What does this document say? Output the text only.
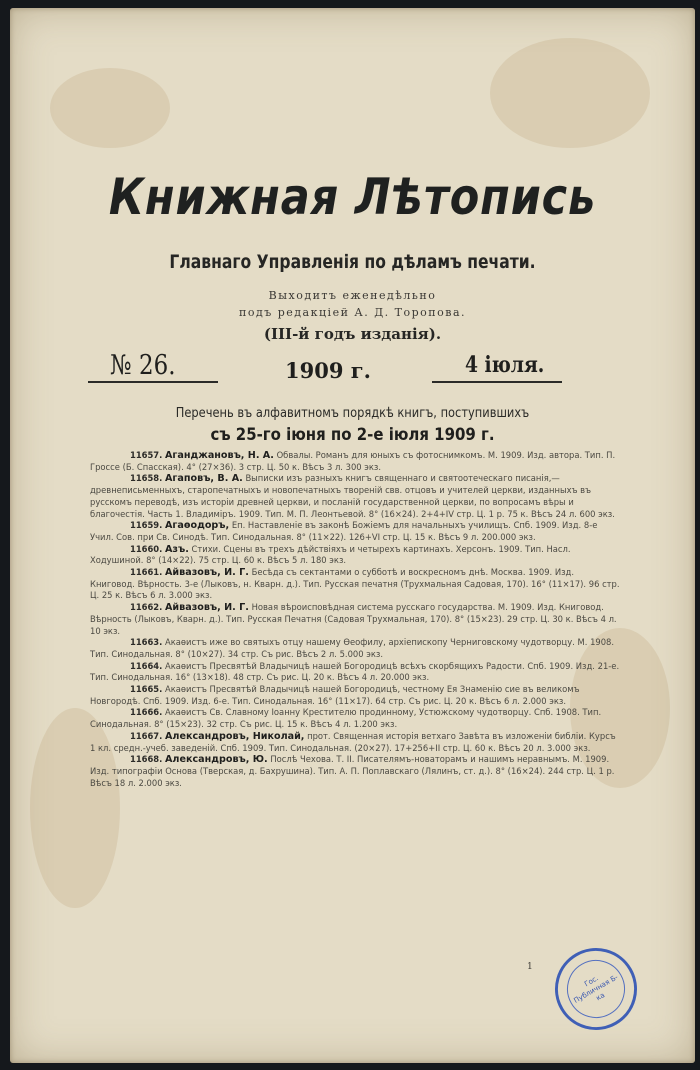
Книжная Лѣтопись
Главнаго Управленія по дѣламъ печати.
Выходитъ еженедѣльно
подъ редакціей А. Д. Торопова.
(III-й годъ изданія).
№ 26.	1909 г.	4 іюля.
Перечень въ алфавитномъ порядкѣ книгъ, поступившихъ
съ 25-го іюня по 2-е іюля 1909 г.

11657. Аганджановъ, Н. А. Обвалы. Романъ для юныхъ съ фотоснимкомъ. М. 1909. Изд. автора. Тип. П. Гроссе (Б. Спасская). 4° (27×36). 3 стр. Ц. 50 к. Вѣсъ 3 л. 300 экз.

11658. Агаповъ, В. А. Выписки изъ разныхъ книгъ священнаго и святоотеческаго писанія,—древнеписьменныхъ, старопечатныхъ и новопечатныхъ твореній свв. отцовъ и учителей церкви, изданныхъ въ русскомъ переводѣ, изъ исторіи древней церкви, и посланій государственной церкви, по вопросамъ вѣры и благочестія. Часть 1. Владиміръ. 1909. Тип. М. П. Леонтьевой. 8° (16×24). 2+4+IV стр. Ц. 1 р. 75 к. Вѣсъ 24 л. 600 экз.

11659. Агаѳодоръ, Еп. Наставленіе въ законѣ Божіемъ для начальныхъ училищъ. Спб. 1909. Изд. 8-е Учил. Сов. при Св. Синодѣ. Тип. Синодальная. 8° (11×22). 126+VI стр. Ц. 15 к. Вѣсъ 9 л. 200.000 экз.

11660. Азъ. Стихи. Сцены въ трехъ дѣйствіяхъ и четырехъ картинахъ. Херсонъ. 1909. Тип. Насл. Ходушиной. 8° (14×22). 75 стр. Ц. 60 к. Вѣсъ 5 л. 180 экз.

11661. Айвазовъ, И. Г. Бесѣда съ сектантами о субботѣ и воскресномъ днѣ. Москва. 1909. Изд. Книговод. Вѣрность. 3-е (Лыковъ, н. Кварн. д.). Тип. Русская печатня (Трухмальная Садовая, 170). 16° (11×17). 96 стр. Ц. 25 к. Вѣсъ 6 л. 3.000 экз.

11662. Айвазовъ, И. Г. Новая вѣроисповѣдная система русскаго государства. М. 1909. Изд. Книговод. Вѣрность (Лыковъ, Кварн. д.). Тип. Русская Печатня (Садовая Трухмальная, 170). 8° (15×23). 29 стр. Ц. 30 к. Вѣсъ 4 л. 10 экз.

11663. Акаѳистъ иже во святыхъ отцу нашему Ѳеофилу, архіепископу Черниговскому чудотворцу. М. 1908. Тип. Синодальная. 8° (10×27). 34 стр. Съ рис. Вѣсъ 2 л. 5.000 экз.

11664. Акаѳистъ Пресвятѣй Владычицѣ нашей Богородицѣ всѣхъ скорбящихъ Радости. Спб. 1909. Изд. 21-е. Тип. Синодальная. 16° (13×18). 48 стр. Съ рис. Ц. 20 к. Вѣсъ 4 л. 20.000 экз.

11665. Акаѳистъ Пресвятѣй Владычицѣ нашей Богородицѣ, честному Ея Знаменію сие въ великомъ Новгородѣ. Спб. 1909. Изд. 6-е. Тип. Синодальная. 16° (11×17). 64 стр. Съ рис. Ц. 20 к. Вѣсъ 6 л. 2.000 экз.

11666. Акаѳистъ Св. Славному Іоанну Крестителю продинному, Устюжскому чудотворцу. Спб. 1908. Тип. Синодальная. 8° (15×23). 32 стр. Съ рис. Ц. 15 к. Вѣсъ 4 л. 1.200 экз.

11667. Александровъ, Николай, прот. Священная исторія ветхаго Завѣта въ изложеніи библіи. Курсъ 1 кл. средн.-учеб. заведеній. Спб. 1909. Тип. Синодальная. (20×27). 17+256+II стр. Ц. 60 к. Вѣсъ 20 л. 3.000 экз.

11668. Александровъ, Ю. Послѣ Чехова. Т. II. Писателямъ-новаторамъ и нашимъ неравнымъ. М. 1909. Изд. типографіи Основа (Тверская, д. Бахрушина). Тип. А. П. Поплавскаго (Лялинъ, ст. д.). 8° (16×24). 244 стр. Ц. 1 р. Вѣсъ 18 л. 2.000 экз.

1
Гос. Публичная Б-ка
